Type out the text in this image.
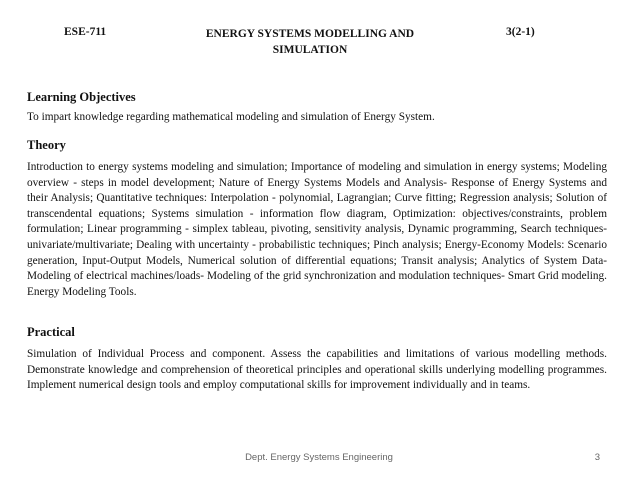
ESE-711	ENERGY SYSTEMS MODELLING AND SIMULATION
3(2-1)
Learning Objectives

To impart knowledge regarding mathematical modeling and simulation of Energy System.

Theory

Introduction to energy systems modeling and simulation; Importance of modeling and simulation in energy systems; Modeling overview - steps in model development; Nature of Energy Systems Models and Analysis- Response of Energy Systems and their Analysis; Quantitative techniques: Interpolation - polynomial, Lagrangian; Curve fitting; Regression analysis; Solution of transcendental equations; Systems simulation - information flow diagram, Optimization: objectives/constraints, problem formulation; Linear programming - simplex tableau, pivoting, sensitivity analysis, Dynamic programming, Search techniques- univariate/multivariate; Dealing with uncertainty - probabilistic techniques; Pinch analysis; Energy-Economy Models: Scenario generation, Input-Output Models, Numerical solution of differential equations; Transit analysis; Analytics of System Data- Modeling of electrical machines/loads- Modeling of the grid synchronization and modulation techniques- Smart Grid modeling. Energy Modeling Tools.

Practical

Simulation of Individual Process and component. Assess the capabilities and limitations of various modelling methods. Demonstrate knowledge and comprehension of theoretical principles and operational skills underlying modelling programmes. Implement numerical design tools and employ computational skills for improvement individually and in teams.

Dept. Energy Systems Engineering	3
